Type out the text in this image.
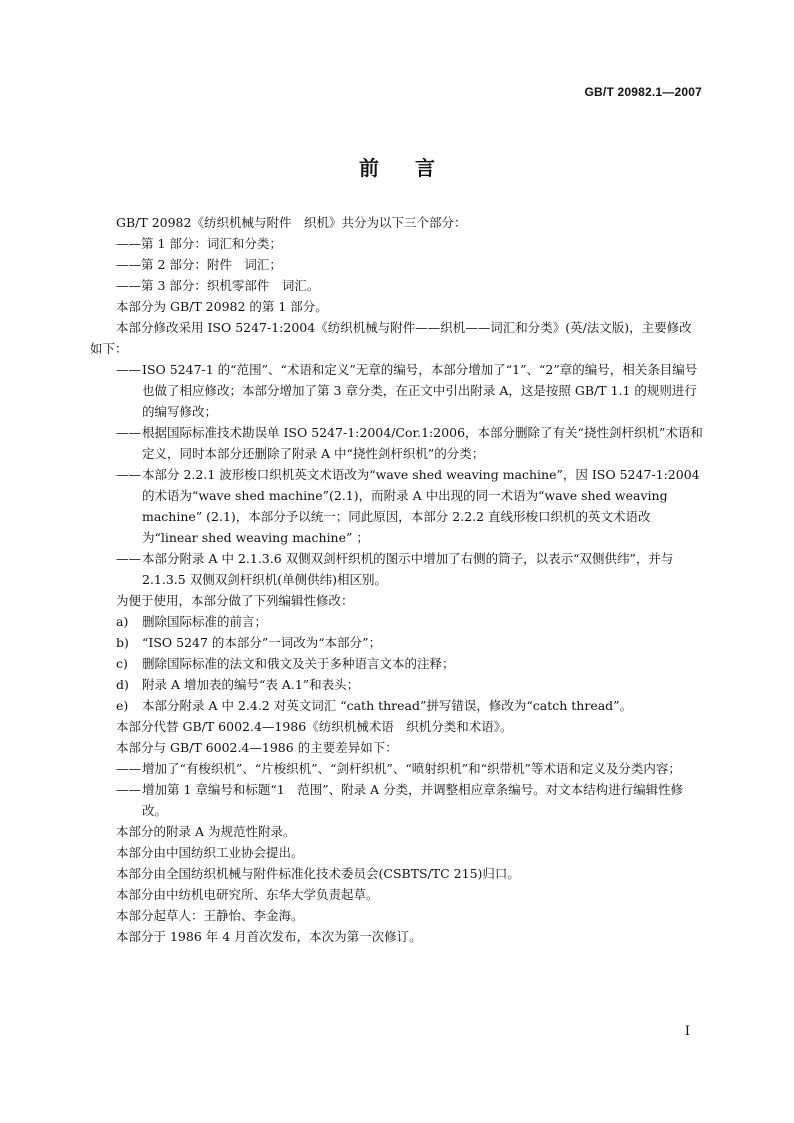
GB/T 20982.1—2007
前言

GB/T 20982《纺织机械与附件　织机》共分为以下三个部分：

——第 1 部分：词汇和分类；

——第 2 部分：附件　词汇；

——第 3 部分：织机零部件　词汇。

本部分为 GB/T 20982 的第 1 部分。

本部分修改采用 ISO 5247-1:2004《纺织机械与附件——织机——词汇和分类》(英/法文版)，主要修改如下：

——ISO 5247-1 的“范围”、“术语和定义”无章的编号，本部分增加了“1”、“2”章的编号，相关条目编号也做了相应修改；本部分增加了第 3 章分类，在正文中引出附录 A，这是按照 GB/T 1.1 的规则进行的编写修改；

——根据国际标准技术勘误单 ISO 5247-1:2004/Cor.1:2006，本部分删除了有关“挠性剑杆织机”术语和定义，同时本部分还删除了附录 A 中“挠性剑杆织机”的分类；

——本部分 2.2.1 波形梭口织机英文术语改为“wave shed weaving machine”，因 ISO 5247-1:2004 的术语为“wave shed machine”(2.1)，而附录 A 中出现的同一术语为“wave shed weaving machine” (2.1)，本部分予以统一；同此原因，本部分 2.2.2 直线形梭口织机的英文术语改为“linear shed weaving machine” ；

——本部分附录 A 中 2.1.3.6 双侧双剑杆织机的图示中增加了右侧的筒子，以表示“双侧供纬”，并与 2.1.3.5 双侧双剑杆织机(单侧供纬)相区别。

为便于使用，本部分做了下列编辑性修改：

a) 删除国际标准的前言；

b) “ISO 5247 的本部分”一词改为“本部分”；

c) 删除国际标准的法文和俄文及关于多种语言文本的注释；

d) 附录 A 增加表的编号“表 A.1”和表头；

e) 本部分附录 A 中 2.4.2 对英文词汇 “cath thread”拼写错误，修改为“catch thread”。

本部分代替 GB/T 6002.4—1986《纺织机械术语　织机分类和术语》。

本部分与 GB/T 6002.4—1986 的主要差异如下：

——增加了“有梭织机”、“片梭织机”、“剑杆织机”、“喷射织机”和“织带机”等术语和定义及分类内容；

——增加第 1 章编号和标题“1　范围”、附录 A 分类，并调整相应章条编号。对文本结构进行编辑性修改。

本部分的附录 A 为规范性附录。

本部分由中国纺织工业协会提出。

本部分由全国纺织机械与附件标准化技术委员会(CSBTS/TC 215)归口。

本部分由中纺机电研究所、东华大学负责起草。

本部分起草人：王静怡、李金海。

本部分于 1986 年 4 月首次发布，本次为第一次修订。

I
